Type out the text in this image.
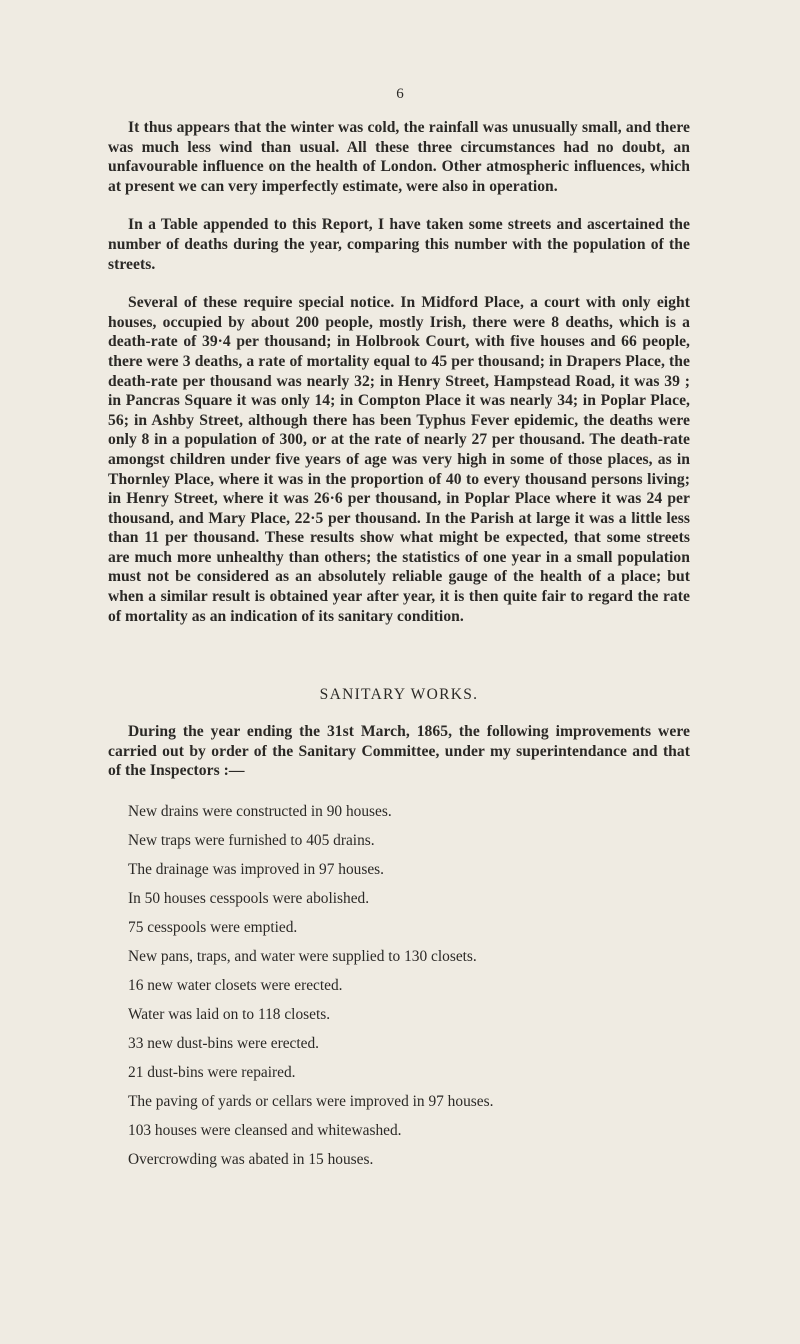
6

It thus appears that the winter was cold, the rainfall was unusually small, and there was much less wind than usual. All these three circumstances had no doubt, an unfavourable influence on the health of London. Other atmospheric influences, which at present we can very imperfectly estimate, were also in operation.

In a Table appended to this Report, I have taken some streets and ascertained the number of deaths during the year, comparing this number with the population of the streets.

Several of these require special notice. In Midford Place, a court with only eight houses, occupied by about 200 people, mostly Irish, there were 8 deaths, which is a death-rate of 39·4 per thousand; in Holbrook Court, with five houses and 66 people, there were 3 deaths, a rate of mortality equal to 45 per thousand; in Drapers Place, the death-rate per thousand was nearly 32; in Henry Street, Hampstead Road, it was 39 ; in Pancras Square it was only 14; in Compton Place it was nearly 34; in Poplar Place, 56; in Ashby Street, although there has been Typhus Fever epidemic, the deaths were only 8 in a population of 300, or at the rate of nearly 27 per thousand. The death-rate amongst children under five years of age was very high in some of those places, as in Thornley Place, where it was in the proportion of 40 to every thousand persons living; in Henry Street, where it was 26·6 per thousand, in Poplar Place where it was 24 per thousand, and Mary Place, 22·5 per thousand. In the Parish at large it was a little less than 11 per thousand. These results show what might be expected, that some streets are much more unhealthy than others; the statistics of one year in a small population must not be considered as an absolutely reliable gauge of the health of a place; but when a similar result is obtained year after year, it is then quite fair to regard the rate of mortality as an indication of its sanitary condition.

SANITARY WORKS.

During the year ending the 31st March, 1865, the following improvements were carried out by order of the Sanitary Committee, under my superintendance and that of the Inspectors :—

New drains were constructed in 90 houses.
New traps were furnished to 405 drains.
The drainage was improved in 97 houses.
In 50 houses cesspools were abolished.
75 cesspools were emptied.
New pans, traps, and water were supplied to 130 closets.
16 new water closets were erected.
Water was laid on to 118 closets.
33 new dust-bins were erected.
21 dust-bins were repaired.
The paving of yards or cellars were improved in 97 houses.
103 houses were cleansed and whitewashed.
Overcrowding was abated in 15 houses.
